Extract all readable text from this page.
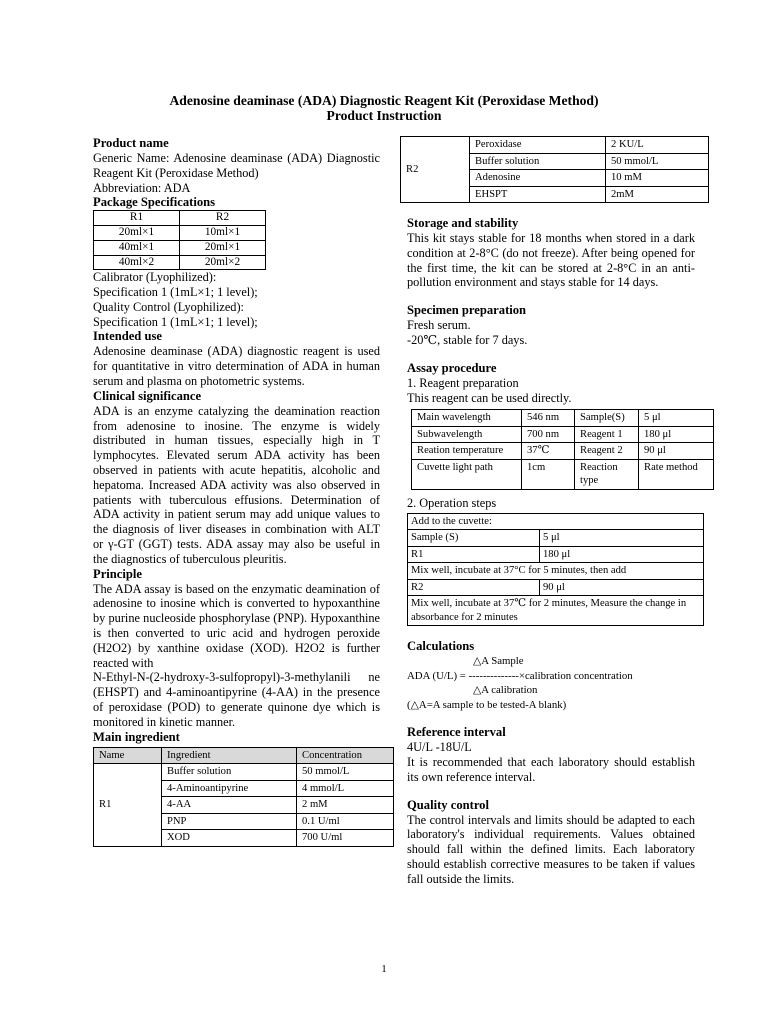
Adenosine deaminase (ADA) Diagnostic Reagent Kit (Peroxidase Method)
Product Instruction
Product name

Generic Name: Adenosine deaminase (ADA) Diagnostic Reagent Kit (Peroxidase Method)

Abbreviation: ADA

Package Specifications
R1	R2
20ml×1	10ml×1
40ml×1	20ml×1
40ml×2	20ml×2

Calibrator (Lyophilized):

Specification 1 (1mL×1; 1 level);

Quality Control (Lyophilized):

Specification 1 (1mL×1; 1 level);

Intended use

Adenosine deaminase (ADA) diagnostic reagent is used for quantitative in vitro determination of ADA in human serum and plasma on photometric systems.

Clinical significance

ADA is an enzyme catalyzing the deamination reaction from adenosine to inosine. The enzyme is widely distributed in human tissues, especially high in T lymphocytes. Elevated serum ADA activity has been observed in patients with acute hepatitis, alcoholic and hepatoma. Increased ADA activity was also observed in patients with tuberculous effusions. Determination of ADA activity in patient serum may add unique values to the diagnosis of liver diseases in combination with ALT or γ-GT (GGT) tests. ADA assay may also be useful in the diagnostics of tuberculous pleuritis.

Principle

The ADA assay is based on the enzymatic deamination of adenosine to inosine which is converted to hypoxanthine by purine nucleoside phosphorylase (PNP). Hypoxanthine is then converted to uric acid and hydrogen peroxide (H2O2) by xanthine oxidase (XOD). H2O2 is further reacted with

N-Ethyl-N-(2-hydroxy-3-sulfopropyl)-3-methylanili ne (EHSPT) and 4-aminoantipyrine (4-AA) in the presence of peroxidase (POD) to generate quinone dye which is monitored in kinetic manner.

Main ingredient
Name	Ingredient	Concentration
R1	Buffer solution	50 mmol/L
	4-Aminoantipyrine	4 mmol/L
	4-AA	2 mM
	PNP	0.1 U/ml
	XOD	700 U/ml
R2	Peroxidase	2 KU/L
	Buffer solution	50 mmol/L
	Adenosine	10 mM
	EHSPT	2mM
Storage and stability

This kit stays stable for 18 months when stored in a dark condition at 2-8°C (do not freeze). After being opened for the first time, the kit can be stored at 2-8°C in an anti-pollution environment and stays stable for 14 days.

Specimen preparation

Fresh serum.

-20℃, stable for 7 days.

Assay procedure

1. Reagent preparation

This reagent can be used directly.

Main wavelength	546 nm	Sample(S)	5 μl
Subwavelength	700 nm	Reagent 1	180 μl
Reation temperature	37℃	Reagent 2	90 μl
Cuvette light path	1cm	Reaction type	Rate method

2. Operation steps

Add to the cuvette:	
Sample (S)	5 μl
R1	180 μl
Mix well, incubate at 37°C for 5 minutes, then add	
R2	90 μl
Mix well, incubate at 37℃ for 2 minutes, Measure the change in absorbance for 2 minutes	
Calculations

△A Sample

ADA (U/L) = --------------×calibration concentration

△A calibration

(△A=A sample to be tested-A blank)

Reference interval

4U/L -18U/L

It is recommended that each laboratory should establish its own reference interval.

Quality control

The control intervals and limits should be adapted to each laboratory's individual requirements. Values obtained should fall within the defined limits. Each laboratory should establish corrective measures to be taken if values fall outside the limits.

1
